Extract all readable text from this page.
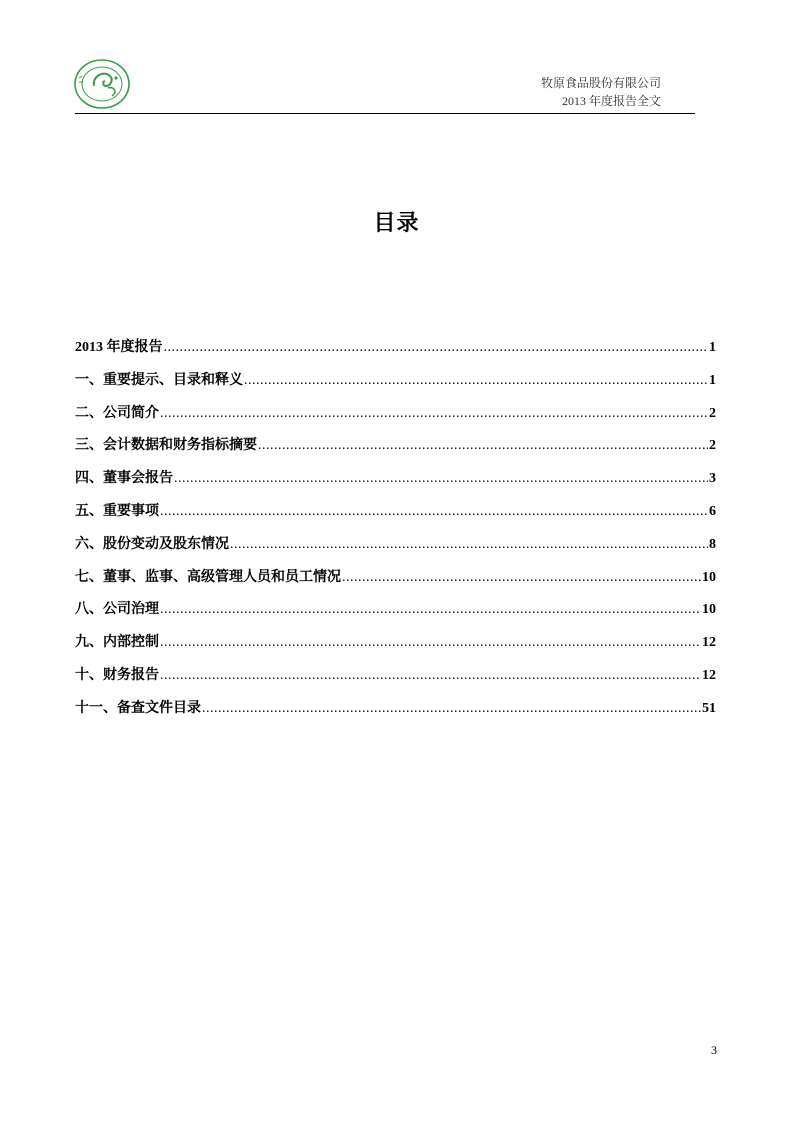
牧原食品股份有限公司
2013 年度报告全文
目录
2013 年度报告 .....	1
一、重要提示、目录和释义 .....	1
二、公司简介 .....	2
三、会计数据和财务指标摘要 .....	2
四、董事会报告 .....	3
五、重要事项 .....	6
六、股份变动及股东情况 .....	8
七、董事、监事、高级管理人员和员工情况 .....	10
八、公司治理 .....	10
九、内部控制 .....	12
十、财务报告 .....	12
十一、备查文件目录 .....	51
3
